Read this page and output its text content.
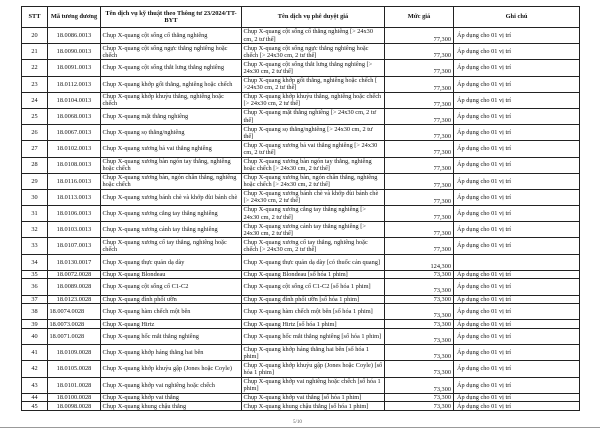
STT	Mã tương đương	Tên dịch vụ kỹ thuật theo Thông tư 23/2024/TT-BYT	Tên dịch vụ phê duyệt giá	Mức giá	Ghi chú
20	18.0086.0013	Chụp X-quang cột sống cổ thẳng nghiêng	Chụp X-quang cột sống cổ thẳng nghiêng [> 24x30 cm, 2 tư thế]	77,300	Áp dụng cho 01 vị trí
21	18.0090.0013	Chụp X-quang cột sống ngực thẳng nghiêng hoặc chếch	Chụp X-quang cột sống ngực thẳng nghiêng hoặc chếch [> 24x30 cm, 2 tư thế]	77,300	Áp dụng cho 01 vị trí
22	18.0091.0013	Chụp X-quang cột sống thắt lưng thẳng nghiêng	Chụp X-quang cột sống thắt lưng thẳng nghiêng [> 24x30 cm, 2 tư thế]	77,300	Áp dụng cho 01 vị trí
23	18.0112.0013	Chụp X-quang khớp gối thẳng, nghiêng hoặc chếch	Chụp X-quang khớp gối thẳng, nghiêng hoặc chếch [ >24x30 cm, 2 tư thế]	77,300	Áp dụng cho 01 vị trí
24	18.0104.0013	Chụp X-quang khớp khuỷu thẳng, nghiêng hoặc chếch	Chụp X-quang khớp khuỷu thẳng, nghiêng hoặc chếch [> 24x30 cm, 2 tư thế]	77,300	Áp dụng cho 01 vị trí
25	18.0068.0013	Chụp X-quang mặt thẳng nghiêng	Chụp X-quang mặt thẳng nghiêng [> 24x30 cm, 2 tư thế]	77,300	Áp dụng cho 01 vị trí
26	18.0067.0013	Chụp X-quang sọ thẳng/nghiêng	Chụp X-quang sọ thẳng/nghiêng [> 24x30 cm, 2 tư thế]	77,300	Áp dụng cho 01 vị trí
27	18.0102.0013	Chụp X-quang xương bả vai thẳng nghiêng	Chụp X-quang xương bả vai thẳng nghiêng [> 24x30 cm, 2 tư thế]	77,300	Áp dụng cho 01 vị trí
28	18.0108.0013	Chụp X-quang xương bàn ngón tay thẳng, nghiêng hoặc chếch	Chụp X-quang xương bàn ngón tay thẳng, nghiêng hoặc chếch [> 24x30 cm, 2 tư thế]	77,300	Áp dụng cho 01 vị trí
29	18.0116.0013	Chụp X-quang xương bàn, ngón chân thẳng, nghiêng hoặc chếch	Chụp X-quang xương bàn, ngón chân thẳng, nghiêng hoặc chếch [> 24x30 cm, 2 tư thế]	77,300	Áp dụng cho 01 vị trí
30	18.0113.0013	Chụp X-quang xương bánh chè và khớp đùi bánh chè	Chụp X-quang xương bánh chè và khớp đùi bánh chè [> 24x30 cm, 2 tư thế]	77,300	Áp dụng cho 01 vị trí
31	18.0106.0013	Chụp X-quang xương cẳng tay thẳng nghiêng	Chụp X-quang xương cẳng tay thẳng nghiêng [> 24x30 cm, 2 tư thế]	77,300	Áp dụng cho 01 vị trí
32	18.0103.0013	Chụp X-quang xương cánh tay thẳng nghiêng	Chụp X-quang xương cánh tay thẳng nghiêng [> 24x30 cm, 2 tư thế]	77,300	Áp dụng cho 01 vị trí
33	18.0107.0013	Chụp X-quang xương cổ tay thẳng, nghiêng hoặc chếch	Chụp X-quang xương cổ tay thẳng, nghiêng hoặc chếch [> 24x30 cm, 2 tư thế]	77,300	Áp dụng cho 01 vị trí
34	18.0130.0017	Chụp X-quang thực quản dạ dày	Chụp X-quang thực quản dạ dày [có thuốc cản quang]	124,300	
35	18.0072.0028	Chụp X-quang Blondeau	Chụp X-quang Blondeau [số hóa 1 phim]	73,300	Áp dụng cho 01 vị trí
36	18.0089.0028	Chụp X-quang cột sống cổ C1-C2	Chụp X-quang cột sống cổ C1-C2 [số hóa 1 phim]	73,300	Áp dụng cho 01 vị trí
37	18.0123.0028	Chụp X-quang đỉnh phổi ưỡn	Chụp X-quang đỉnh phổi ưỡn [số hóa 1 phim]	73,300	Áp dụng cho 01 vị trí
38	18.0074.0028	Chụp X-quang hàm chếch một bên	Chụp X-quang hàm chếch một bên [số hóa 1 phim]	73,300	Áp dụng cho 01 vị trí
39	18.0073.0028	Chụp X-quang Hirtz	Chụp X-quang Hirtz [số hóa 1 phim]	73,300	Áp dụng cho 01 vị trí
40	18.0071.0028	Chụp X-quang hốc mắt thẳng nghiêng	Chụp X-quang hốc mắt thẳng nghiêng [số hóa 1 phim]	73,300	Áp dụng cho 01 vị trí
41	18.0109.0028	Chụp X-quang khớp háng thẳng hai bên	Chụp X-quang khớp háng thẳng hai bên [số hóa 1 phim]	73,300	Áp dụng cho 01 vị trí
42	18.0105.0028	Chụp X-quang khớp khuỷu gập (Jones hoặc Coyle)	Chụp X-quang khớp khuỷu gập (Jones hoặc Coyle) [số hóa 1 phim]	73,300	Áp dụng cho 01 vị trí
43	18.0101.0028	Chụp X-quang khớp vai nghiêng hoặc chếch	Chụp X-quang khớp vai nghiêng hoặc chếch [số hóa 1 phim]	73,300	Áp dụng cho 01 vị trí
44	18.0100.0028	Chụp X-quang khớp vai thẳng	Chụp X-quang khớp vai thẳng [số hóa 1 phim]	73,300	Áp dụng cho 01 vị trí
45	18.0098.0028	Chụp X-quang khung chậu thẳng	Chụp X-quang khung chậu thẳng [số hóa 1 phim]	73,300	Áp dụng cho 01 vị trí
5/10
